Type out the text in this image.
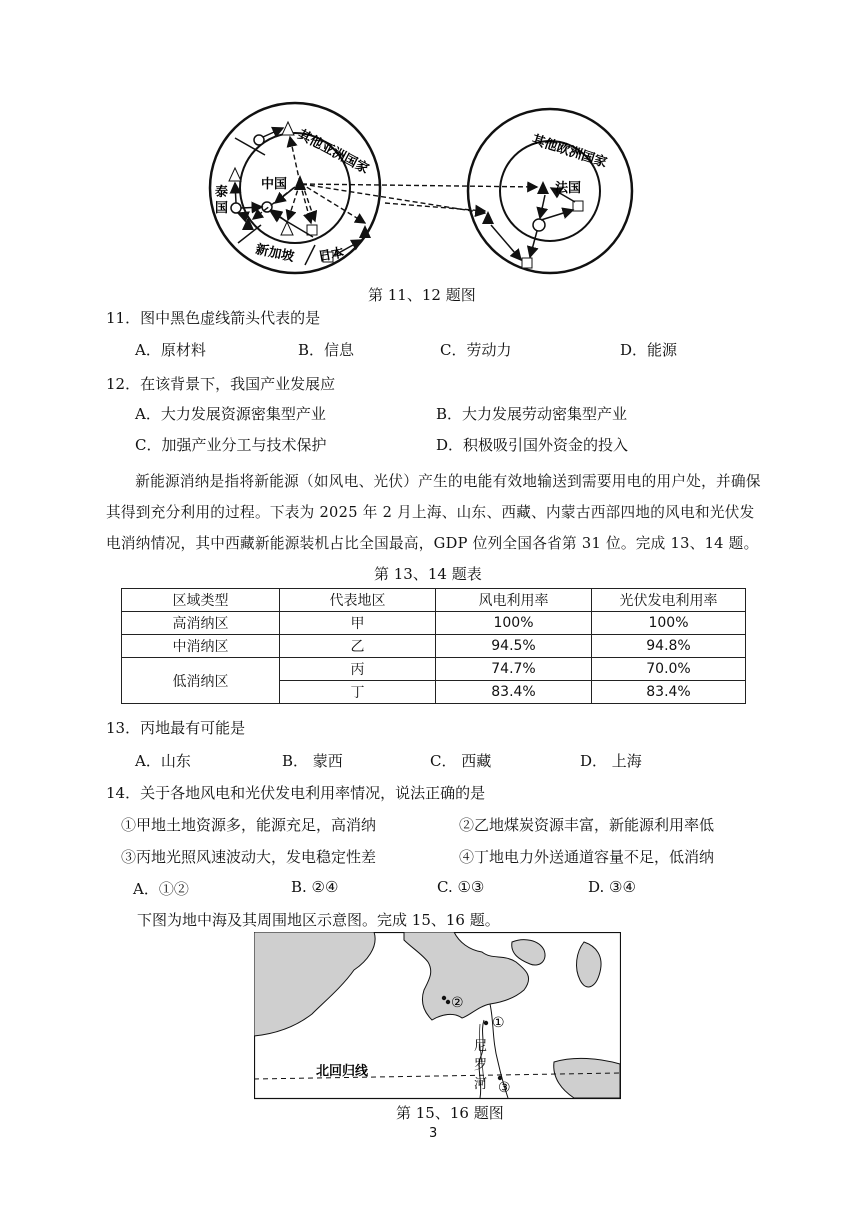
其他亚洲国家
中国
泰
国
新加坡 日本
其他欧洲国家
法国
第 11、12 题图
11．图中黑色虚线箭头代表的是
A．原材料	B．信息	C．劳动力	D．能源
12．在该背景下，我国产业发展应
A．大力发展资源密集型产业	B．大力发展劳动密集型产业
C．加强产业分工与技术保护	D．积极吸引国外资金的投入
新能源消纳是指将新能源（如风电、光伏）产生的电能有效地输送到需要用电的用户处，并确保其得到充分利用的过程。下表为 2025 年 2 月上海、山东、西藏、内蒙古西部四地的风电和光伏发电消纳情况，其中西藏新能源装机占比全国最高，GDP 位列全国各省第 31 位。完成 13、14 题。
第 13、14 题表
区域类型	代表地区	风电利用率	光伏发电利用率
高消纳区	甲	100%	100%
中消纳区	乙	94.5%	94.8%
低消纳区	丙	74.7%	70.0%
	丁	83.4%	83.4%
13．丙地最有可能是
A．山东	B． 蒙西	C． 西藏	D． 上海
14．关于各地风电和光伏发电利用率情况，说法正确的是
①甲地土地资源多，能源充足，高消纳	②乙地煤炭资源丰富，新能源利用率低
③丙地光照风速波动大，发电稳定性差	④丁地电力外送通道容量不足，低消纳
A．①②	B. ②④	C. ①③	D. ③④
下图为地中海及其周围地区示意图。完成 15、16 题。
北回归线
尼
罗
河
①
②
③
第 15、16 题图
3
